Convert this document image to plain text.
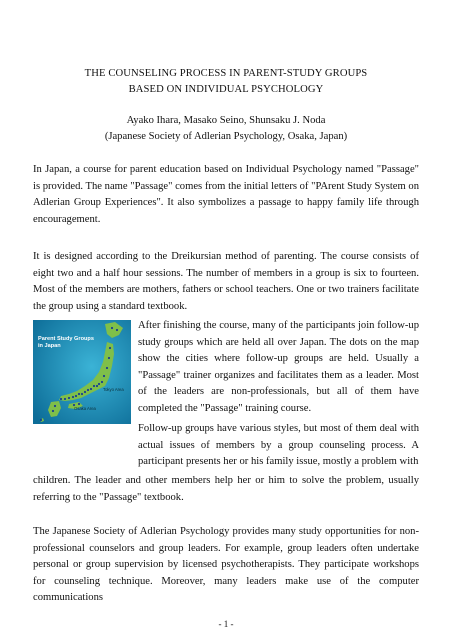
THE COUNSELING PROCESS IN PARENT-STUDY GROUPS
BASED ON INDIVIDUAL PSYCHOLOGY
Ayako Ihara, Masako Seino, Shunsaku J. Noda
(Japanese Society of Adlerian Psychology, Osaka, Japan)

In Japan, a course for parent education based on Individual Psychology named "Passage" is provided. The name "Passage" comes from the initial letters of "PArent Study System on Adlerian Group Experiences". It also symbolizes a passage to happy family life through encouragement.

It is designed according to the Dreikursian method of parenting. The course consists of eight two and a half hour sessions. The number of members in a group is six to fourteen. Most of the members are mothers, fathers or school teachers. One or two trainers facilitate the group using a standard textbook.

Parent Study Groups in Japan
Tokyo Area
Osaka Area

After finishing the course, many of the participants join follow-up study groups which are held all over Japan. The dots on the map show the cities where follow-up groups are held. Usually a "Passage" trainer organizes and facilitates them as a leader. Most of the leaders are non-professionals, but all of them have completed the "Passage" training course.

Follow-up groups have various styles, but most of them deal with actual issues of members by a group counseling process. A participant presents her or his family issue, mostly a problem with

children. The leader and other members help her or him to solve the problem, usually referring to the "Passage" textbook.

The Japanese Society of Adlerian Psychology provides many study opportunities for non-professional counselors and group leaders. For example, group leaders often undertake personal or group supervision by licensed psychotherapists. They participate workshops for counseling technique. Moreover, many leaders make use of the computer communications

- 1 -
